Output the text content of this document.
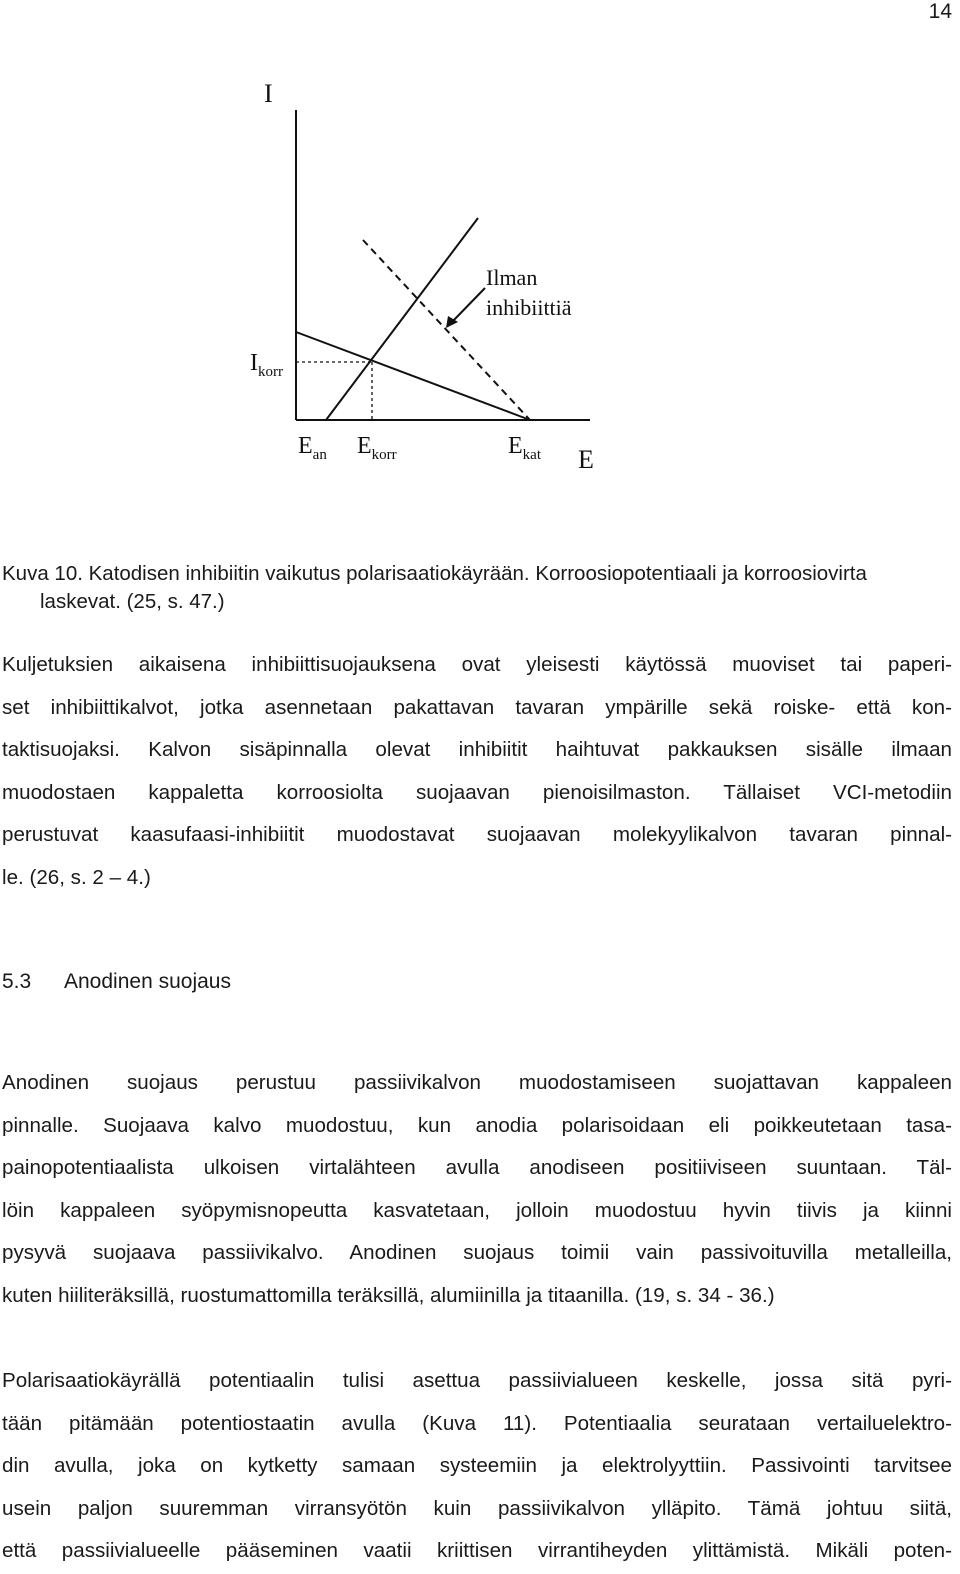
14
I
E
$I_{korr}$
$E_{an}$ $E_{korr}$	$E_{kat}$
Ilman
inhibiittiä
Kuva 10. Katodisen inhibiitin vaikutus polarisaatiokäyrään. Korroosiopotentiaali ja korroosiovirta
laskevat. (25, s. 47.)
Kuljetuksien aikaisena inhibiittisuojauksena ovat yleisesti käytössä muoviset tai paperi-
set inhibiittikalvot, jotka asennetaan pakattavan tavaran ympärille sekä roiske- että kon-
taktisuojaksi. Kalvon sisäpinnalla olevat inhibiitit haihtuvat pakkauksen sisälle ilmaan
muodostaen kappaletta korroosiolta suojaavan pienoisilmaston. Tällaiset VCI-metodiin
perustuvat kaasufaasi-inhibiitit muodostavat suojaavan molekyylikalvon tavaran pinnal-
le. (26, s. 2 – 4.)
5.3 Anodinen suojaus
Anodinen suojaus perustuu passiivikalvon muodostamiseen suojattavan kappaleen
pinnalle. Suojaava kalvo muodostuu, kun anodia polarisoidaan eli poikkeutetaan tasa-
painopotentiaalista ulkoisen virtalähteen avulla anodiseen positiiviseen suuntaan. Täl-
löin kappaleen syöpymisnopeutta kasvatetaan, jolloin muodostuu hyvin tiivis ja kiinni
pysyvä suojaava passiivikalvo. Anodinen suojaus toimii vain passivoituvilla metalleilla,
kuten hiiliteräksillä, ruostumattomilla teräksillä, alumiinilla ja titaanilla. (19, s. 34 - 36.)
Polarisaatiokäyrällä potentiaalin tulisi asettua passiivialueen keskelle, jossa sitä pyri-
tään pitämään potentiostaatin avulla (Kuva 11). Potentiaalia seurataan vertailuelektro-
din avulla, joka on kytketty samaan systeemiin ja elektrolyyttiin. Passivointi tarvitsee
usein paljon suuremman virransyötön kuin passiivikalvon ylläpito. Tämä johtuu siitä,
että passiivialueelle pääseminen vaatii kriittisen virrantiheyden ylittämistä. Mikäli poten-
